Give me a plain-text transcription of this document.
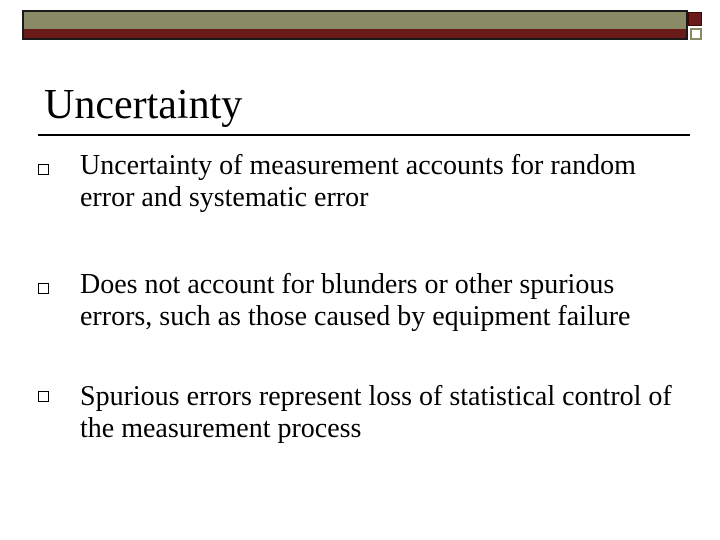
Uncertainty
Uncertainty of measurement accounts for random error and systematic error
Does not account for blunders or other spurious errors, such as those caused by equipment failure
Spurious errors represent loss of statistical control of the measurement process
